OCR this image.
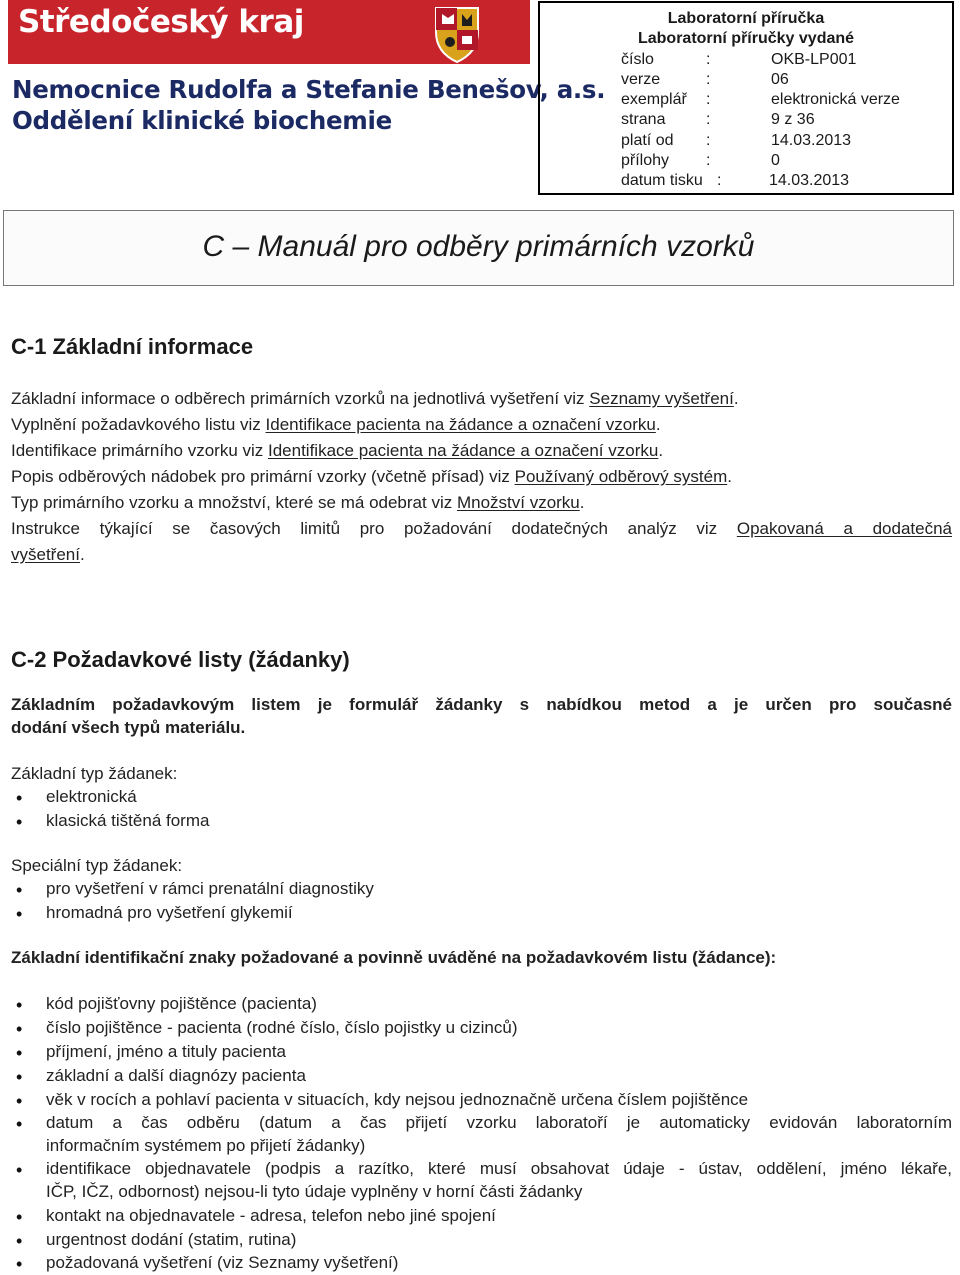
Středočeský kraj
Nemocnice Rudolfa a Stefanie Benešov, a.s.
Oddělení klinické biochemie
Laboratorní příručka
Laboratorní příručky vydané
číslo	:	OKB-LP001
verze	:	06
exemplář :	elektronická verze
strana	:	9 z 36
platí od :	14.03.2013
přílohy :	0
datum tisku :	14.03.2013
C – Manuál pro odběry primárních vzorků
C-1 Základní informace
Základní informace o odběrech primárních vzorků na jednotlivá vyšetření viz Seznamy vyšetření.
Vyplnění požadavkového listu viz Identifikace pacienta na žádance a označení vzorku.
Identifikace primárního vzorku viz Identifikace pacienta na žádance a označení vzorku.
Popis odběrových nádobek pro primární vzorky (včetně přísad) viz Používaný odběrový systém.
Typ primárního vzorku a množství, které se má odebrat viz Množství vzorku.
Instrukce týkající se časových limitů pro požadování dodatečných analýz viz Opakovaná a dodatečná
vyšetření.
C-2 Požadavkové listy (žádanky)
Základním požadavkovým listem je formulář žádanky s nabídkou metod a je určen pro současné
dodání všech typů materiálu.
Základní typ žádanek:
• elektronická
• klasická tištěná forma
Speciální typ žádanek:
• pro vyšetření v rámci prenatální diagnostiky
• hromadná pro vyšetření glykemií
Základní identifikační znaky požadované a povinně uváděné na požadavkovém listu (žádance):
• kód pojišťovny pojištěnce (pacienta)
• číslo pojištěnce - pacienta (rodné číslo, číslo pojistky u cizinců)
• příjmení, jméno a tituly pacienta
• základní a další diagnózy pacienta
• věk v rocích a pohlaví pacienta v situacích, kdy nejsou jednoznačně určena číslem pojištěnce
• datum a čas odběru (datum a čas přijetí vzorku laboratoří je automaticky evidován laboratorním
informačním systémem po přijetí žádanky)
• identifikace objednavatele (podpis a razítko, které musí obsahovat údaje - ústav, oddělení, jméno lékaře,
IČP, IČZ, odbornost) nejsou-li tyto údaje vyplněny v horní části žádanky
• kontakt na objednavatele - adresa, telefon nebo jiné spojení
• urgentnost dodání (statim, rutina)
• požadovaná vyšetření (viz Seznamy vyšetření)
